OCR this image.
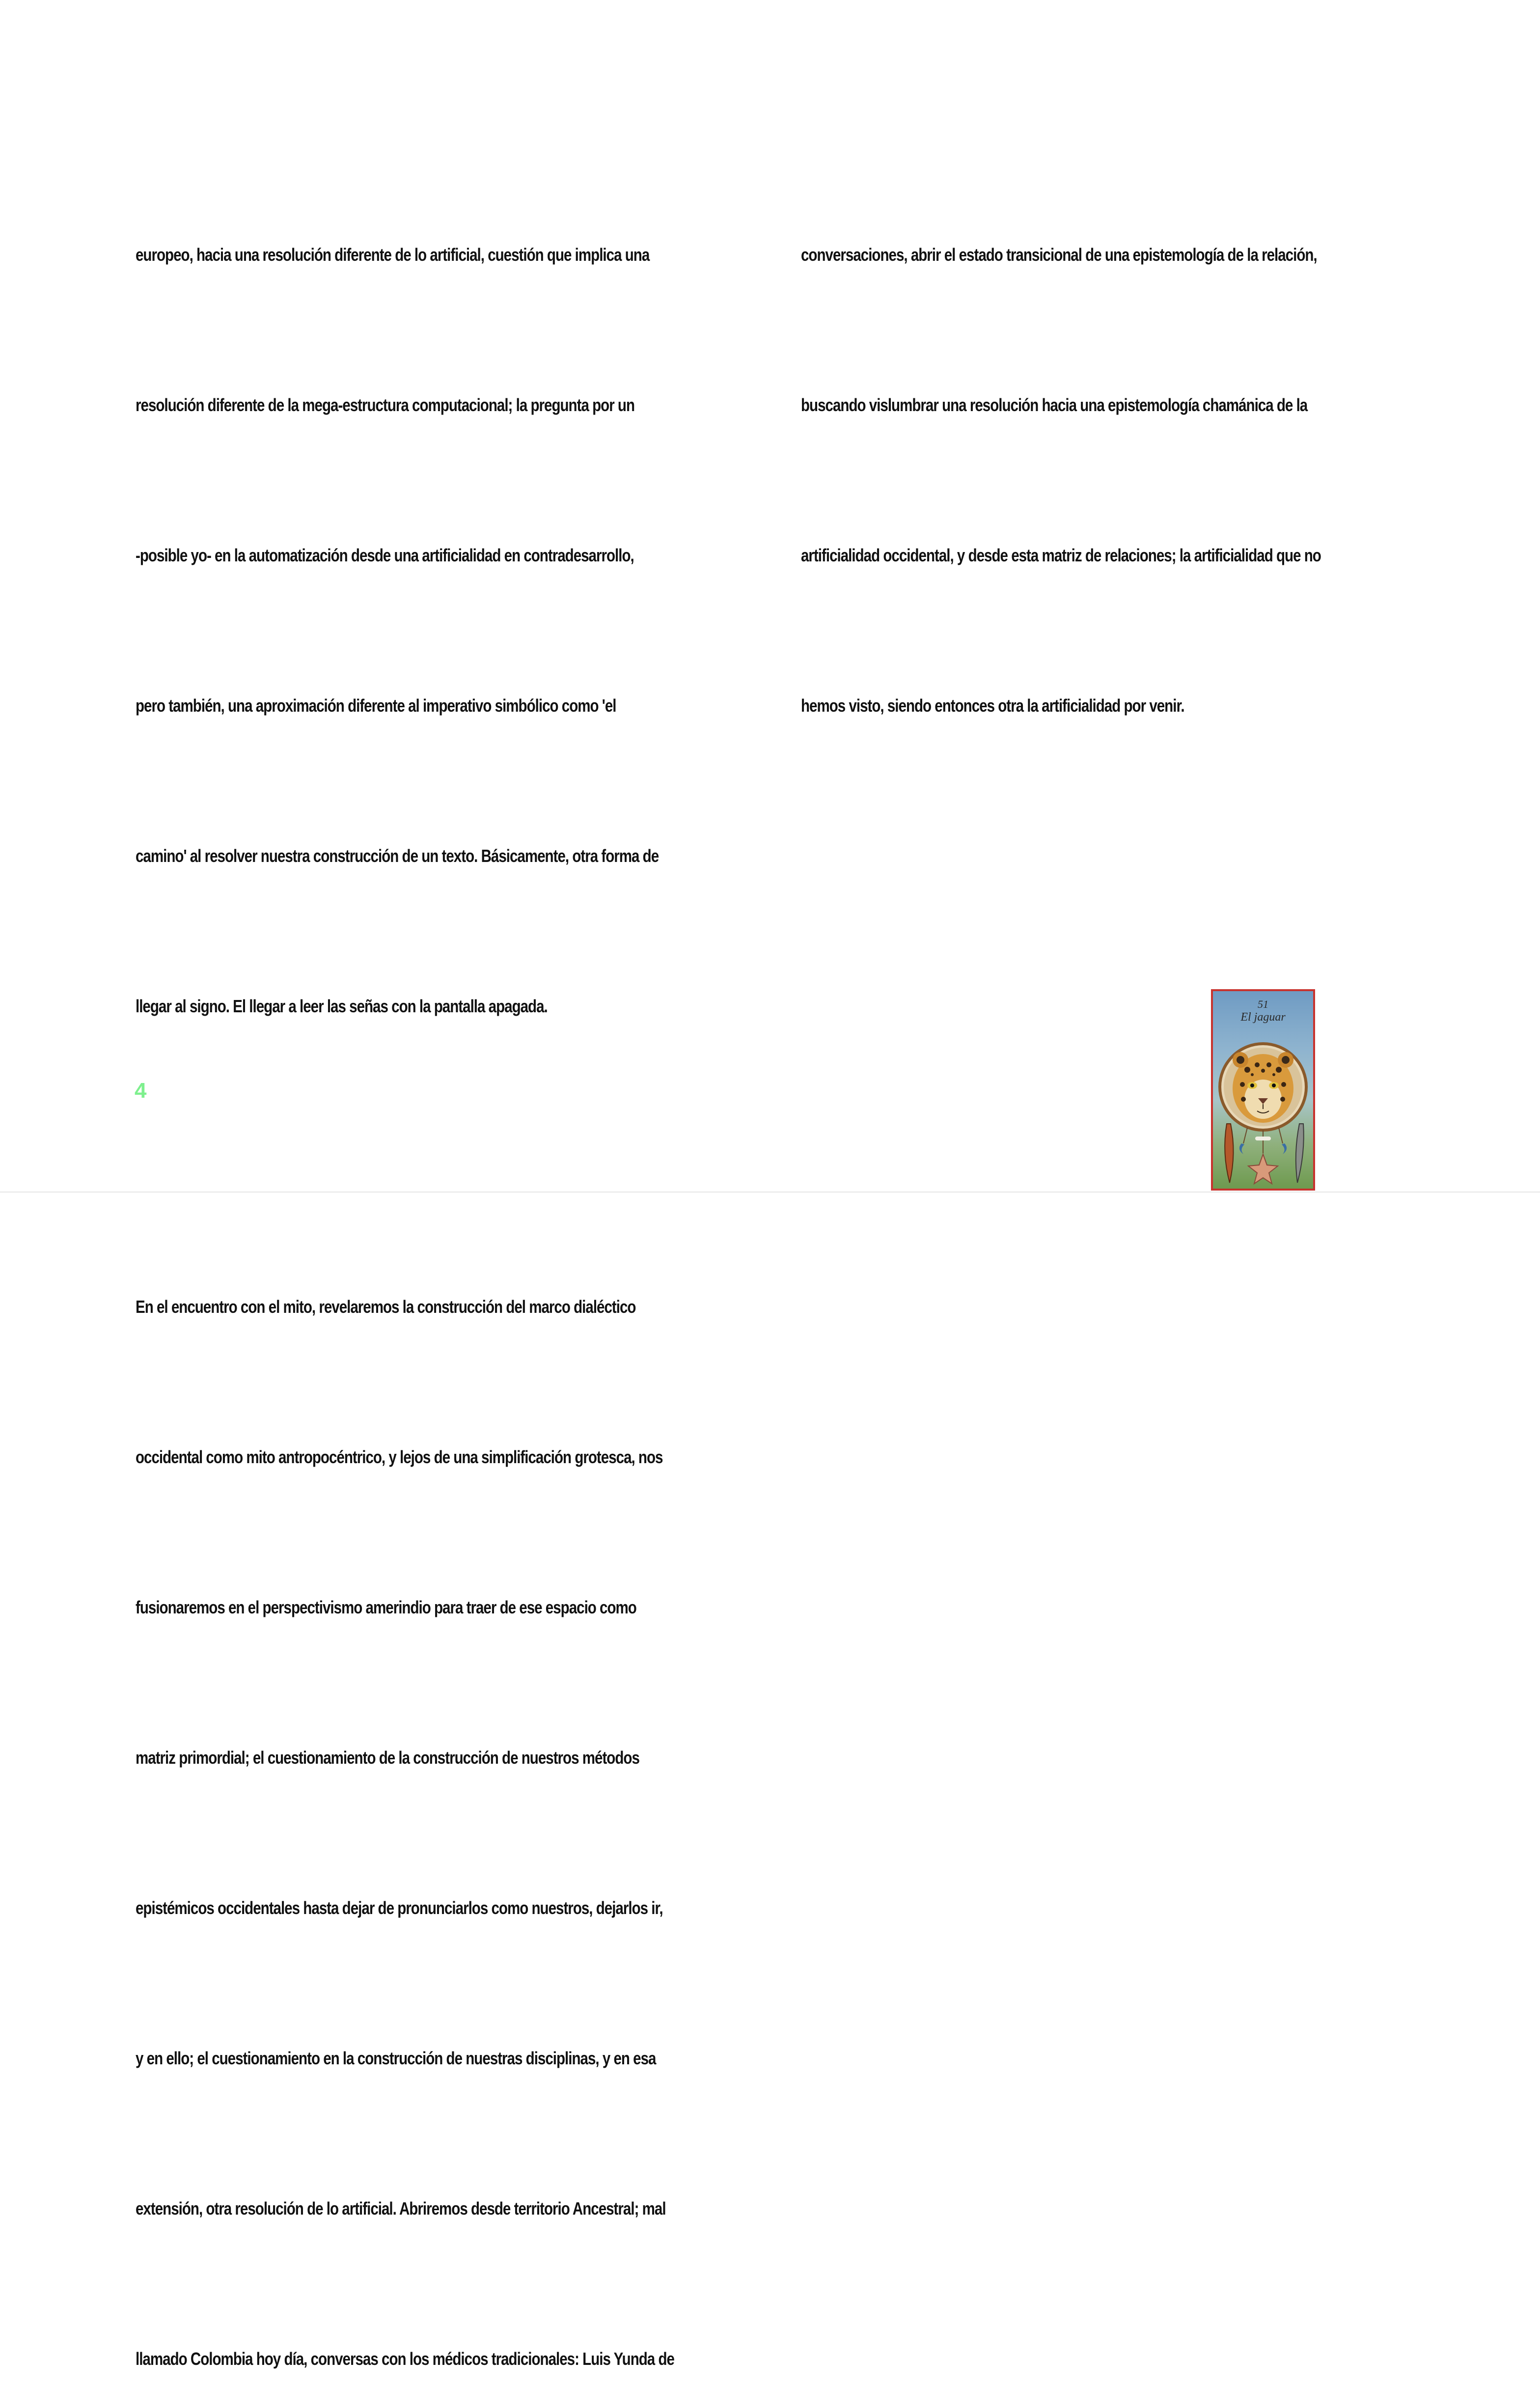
europeo, hacia una resolución diferente de lo artificial, cuestión que implica una

resolución diferente de la mega-estructura computacional; la pregunta por un

-posible yo- en la automatización desde una artificialidad en contradesarrollo,

pero también, una aproximación diferente al imperativo simbólico como 'el

camino' al resolver nuestra construcción de un texto. Básicamente, otra forma de

llegar al signo. El llegar a leer las señas con la pantalla apagada.

En el encuentro con el mito, revelaremos la construcción del marco dialéctico

occidental como mito antropocéntrico, y lejos de una simplificación grotesca, nos

fusionaremos en el perspectivismo amerindio para traer de ese espacio como

matriz primordial; el cuestionamiento de la construcción de nuestros métodos

epistémicos occidentales hasta dejar de pronunciarlos como nuestros, dejarlos ir,

y en ello; el cuestionamiento en la construcción de nuestras disciplinas, y en esa

extensión, otra resolución de lo artificial. Abriremos desde territorio Ancestral; mal

llamado Colombia hoy día, conversas con los médicos tradicionales: Luis Yunda de

conversaciones, abrir el estado transicional de una epistemología de la relación,

buscando vislumbrar una resolución hacia una epistemología chamánica de la

artificialidad occidental, y desde esta matriz de relaciones; la artificialidad que no

hemos visto, siendo entonces otra la artificialidad por venir.

4
51
El jaguar
